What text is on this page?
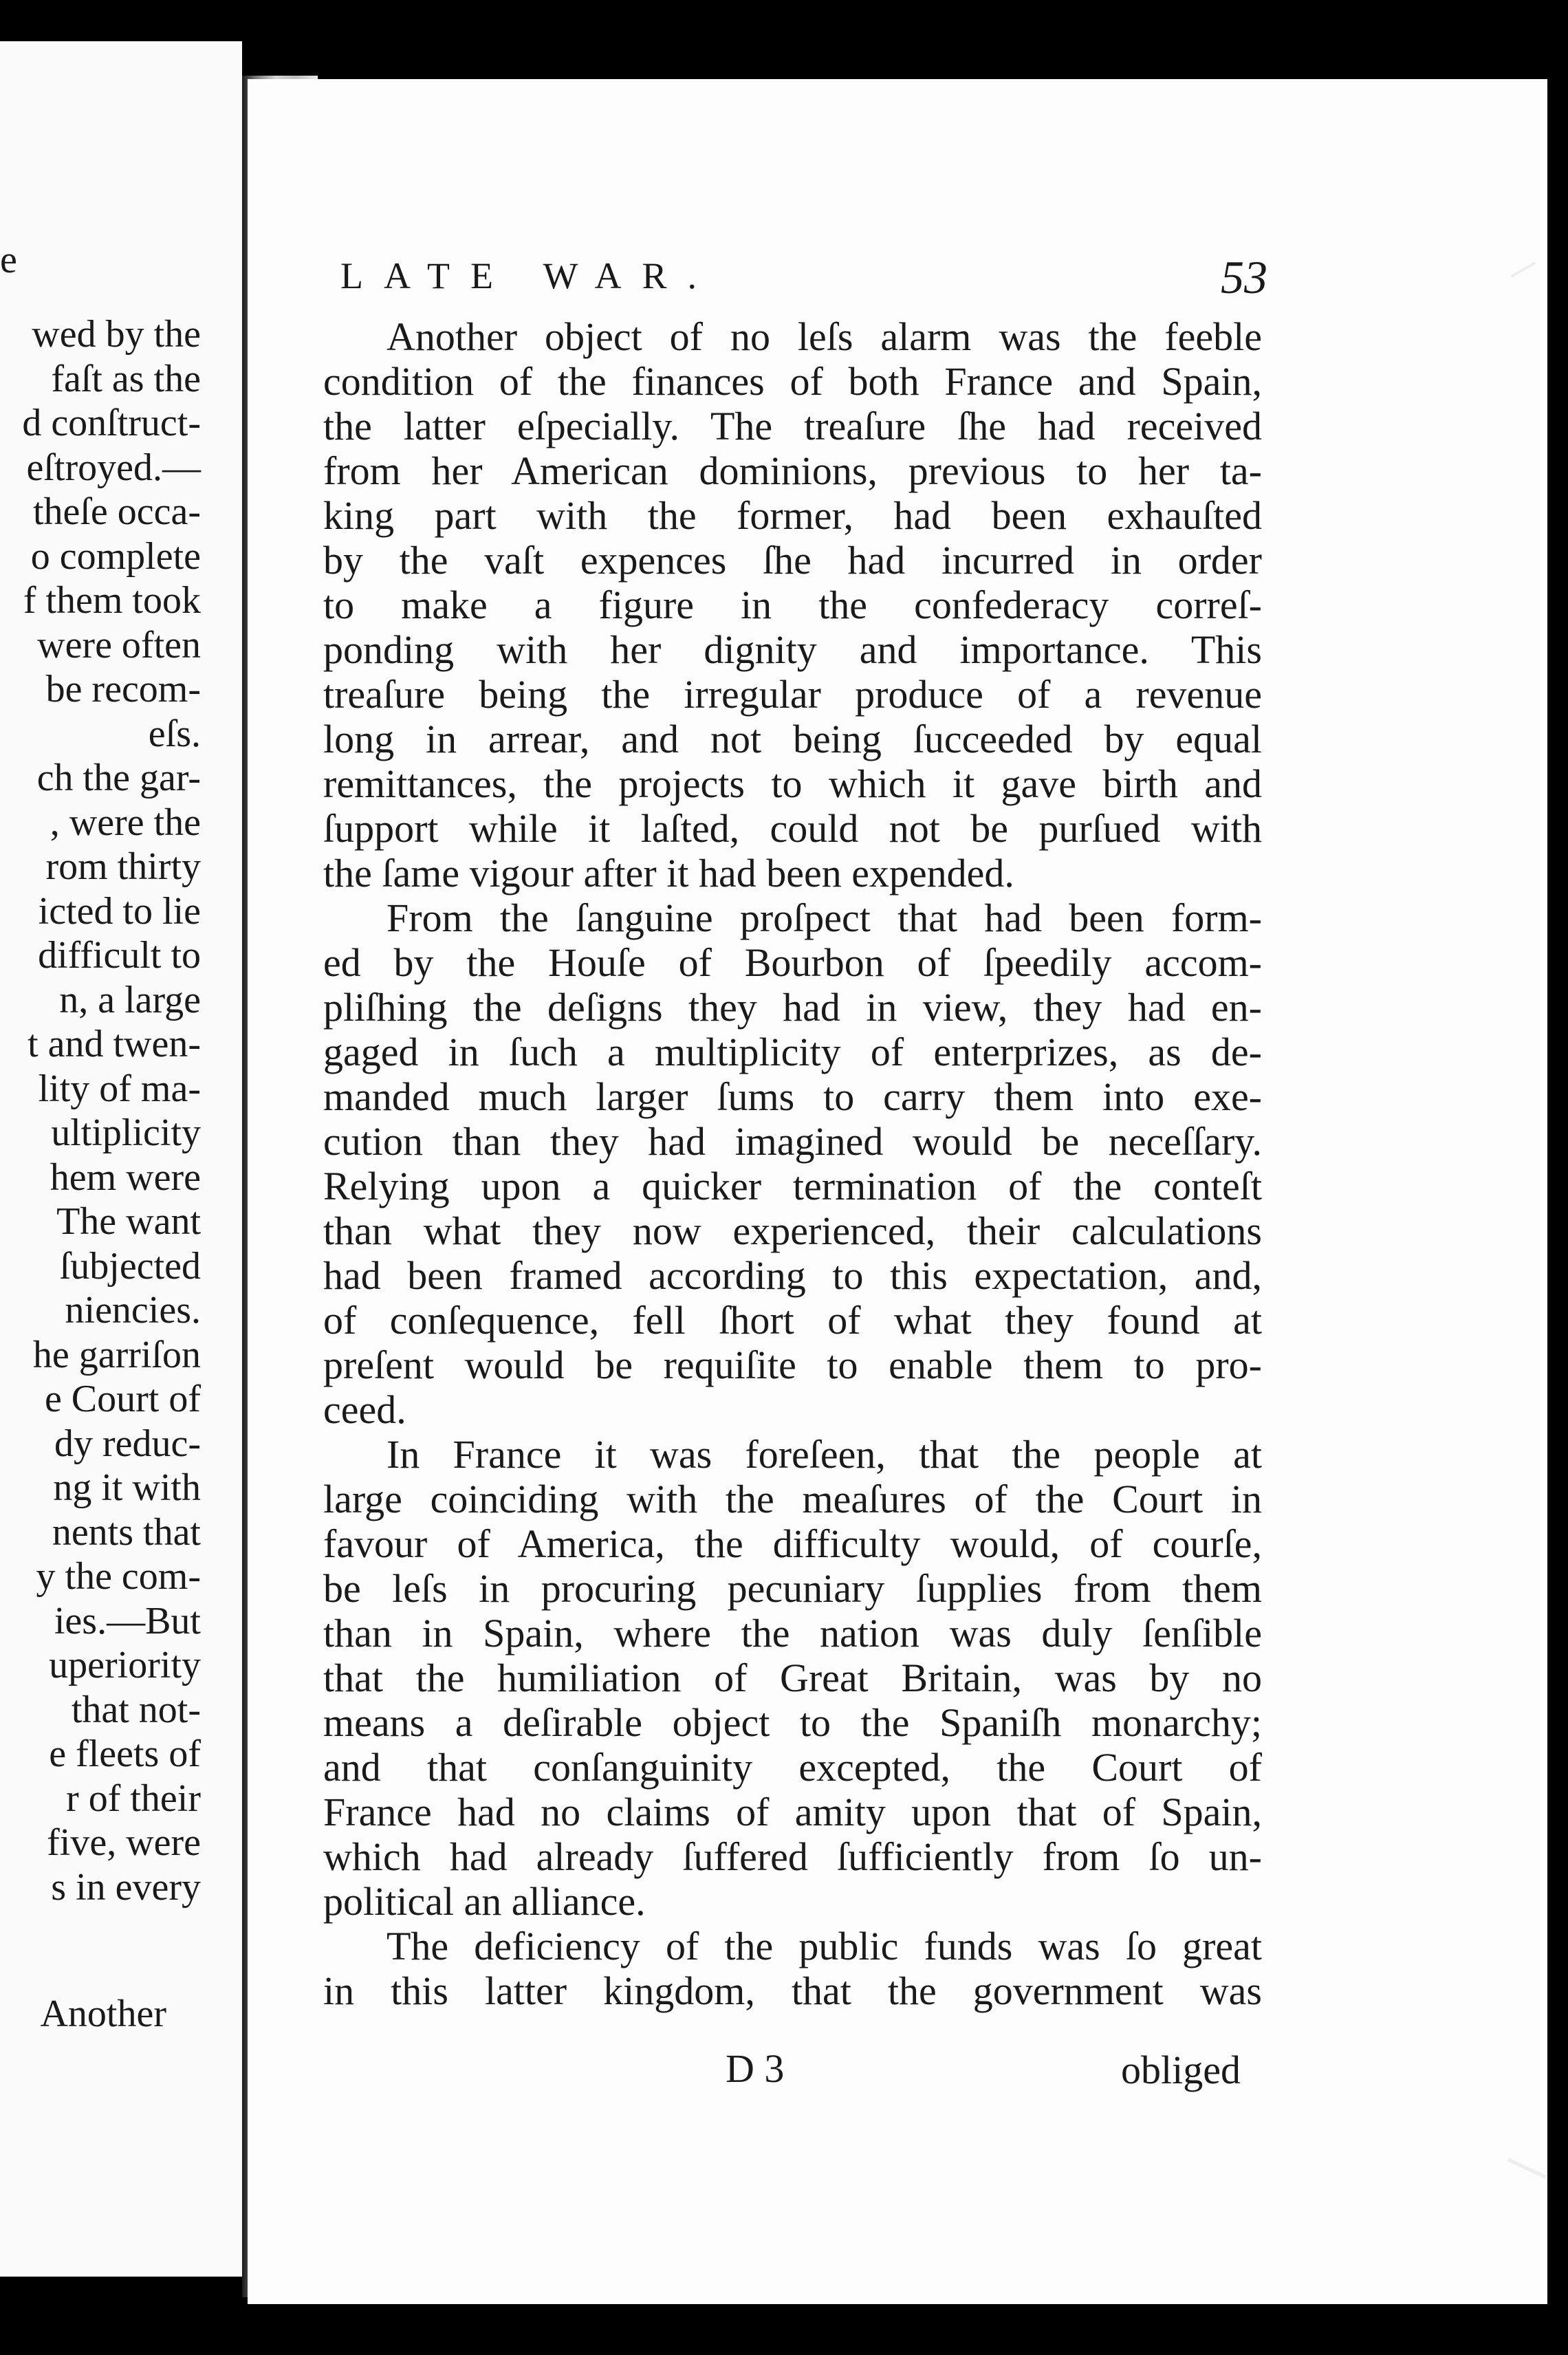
e
wed by the
faſt as the
d conſtruct-
eſtroyed.—
theſe occa-
o complete
f them took
were often
be recom-
eſs.
ch the gar-
, were the
rom thirty
icted to lie
difficult to
n, a large
t and twen-
lity of ma-
ultiplicity
hem were
The want
ſubjected
niencies.
he garriſon
e Court of
dy reduc-
ng it with
nents that
y the com-
ies.—But
uperiority
that not-
e fleets of
r of their
five, were
s in every
Another
LATE WAR.	53
Another object of no leſs alarm was the feeble
condition of the finances of both France and Spain,
the latter eſpecially. The treaſure ſhe had received
from her American dominions, previous to her ta-
king part with the former, had been exhauſted
by the vaſt expences ſhe had incurred in order
to make a figure in the confederacy correſ-
ponding with her dignity and importance. This
treaſure being the irregular produce of a revenue
long in arrear, and not being ſucceeded by equal
remittances, the projects to which it gave birth and
ſupport while it laſted, could not be purſued with
the ſame vigour after it had been expended.
From the ſanguine proſpect that had been form-
ed by the Houſe of Bourbon of ſpeedily accom-
pliſhing the deſigns they had in view, they had en-
gaged in ſuch a multiplicity of enterprizes, as de-
manded much larger ſums to carry them into exe-
cution than they had imagined would be neceſſary.
Relying upon a quicker termination of the conteſt
than what they now experienced, their calculations
had been framed according to this expectation, and,
of conſequence, fell ſhort of what they found at
preſent would be requiſite to enable them to pro-
ceed.
In France it was foreſeen, that the people at
large coinciding with the meaſures of the Court in
favour of America, the difficulty would, of courſe,
be leſs in procuring pecuniary ſupplies from them
than in Spain, where the nation was duly ſenſible
that the humiliation of Great Britain, was by no
means a deſirable object to the Spaniſh monarchy;
and that conſanguinity excepted, the Court of
France had no claims of amity upon that of Spain,
which had already ſuffered ſufficiently from ſo un-
political an alliance.
The deficiency of the public funds was ſo great
in this latter kingdom, that the government was
D 3	obliged
